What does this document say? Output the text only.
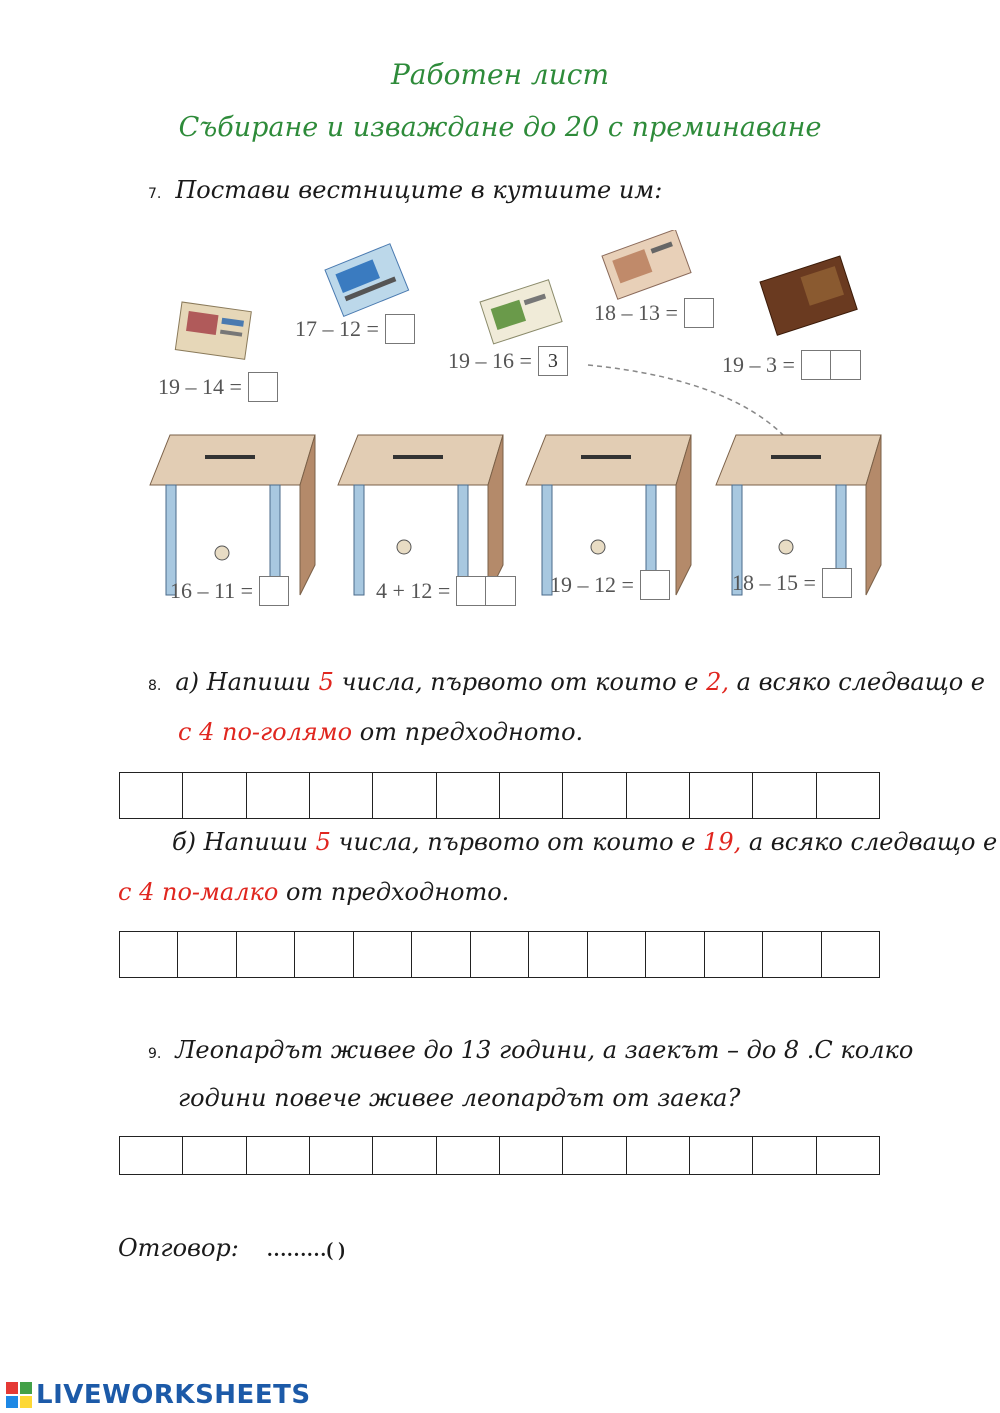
Работен лист
Събиране и изваждане до 20 с преминаване
7. Постави вестниците в кутиите им:
19 – 14 =
17 – 12 =
19 – 16 = 3
18 – 13 =
19 – 3 =
16 – 11 =	4 + 12 =	19 – 12 =	18 – 15 =
8. а) Напиши 5 числа, първото от които е 2, а всяко следващо е
с 4 по-голямо от предходното.
б) Напиши 5 числа, първото от които е 19, а всяко следващо е
с 4 по-малко от предходното.
9. Леопардът живее до 13 години, а заекът – до 8 .С колко
години повече живее леопардът от заека?
Отговор: ………( )
LIVEWORKSHEETS
